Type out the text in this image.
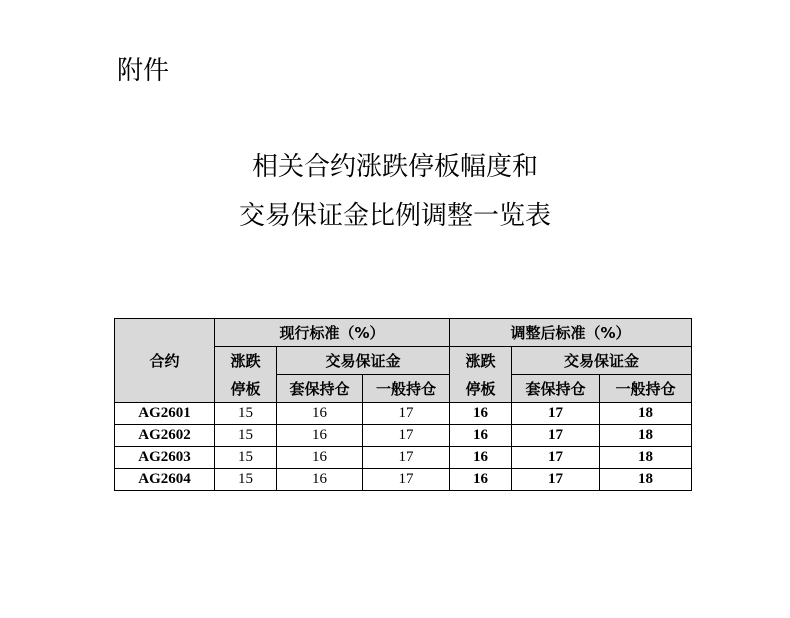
附件
相关合约涨跌停板幅度和
交易保证金比例调整一览表
合约	现行标准（%）			调整后标准（%）		
	涨跌	交易保证金		涨跌	交易保证金	
	停板	套保持仓	一般持仓	停板	套保持仓	一般持仓
AG2601	15	16	17	16	17	18
AG2602	15	16	17	16	17	18
AG2603	15	16	17	16	17	18
AG2604	15	16	17	16	17	18
